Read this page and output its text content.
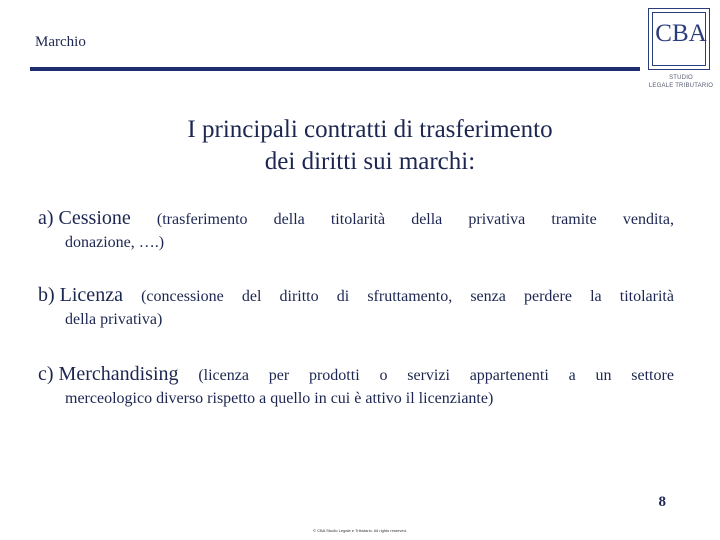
Marchio	CBA
STUDIO
LEGALE TRIBUTARIO
I principali contratti di trasferimento
dei diritti sui marchi:
a) Cessione (trasferimento della titolarità della privativa tramite vendita,
donazione, ….)
b) Licenza (concessione del diritto di sfruttamento, senza perdere la titolarità
della privativa)
c) Merchandising (licenza per prodotti o servizi appartenenti a un settore
merceologico diverso rispetto a quello in cui è attivo il licenziante)
8
© CBA Studio Legale e Tributario. All rights reserved.
